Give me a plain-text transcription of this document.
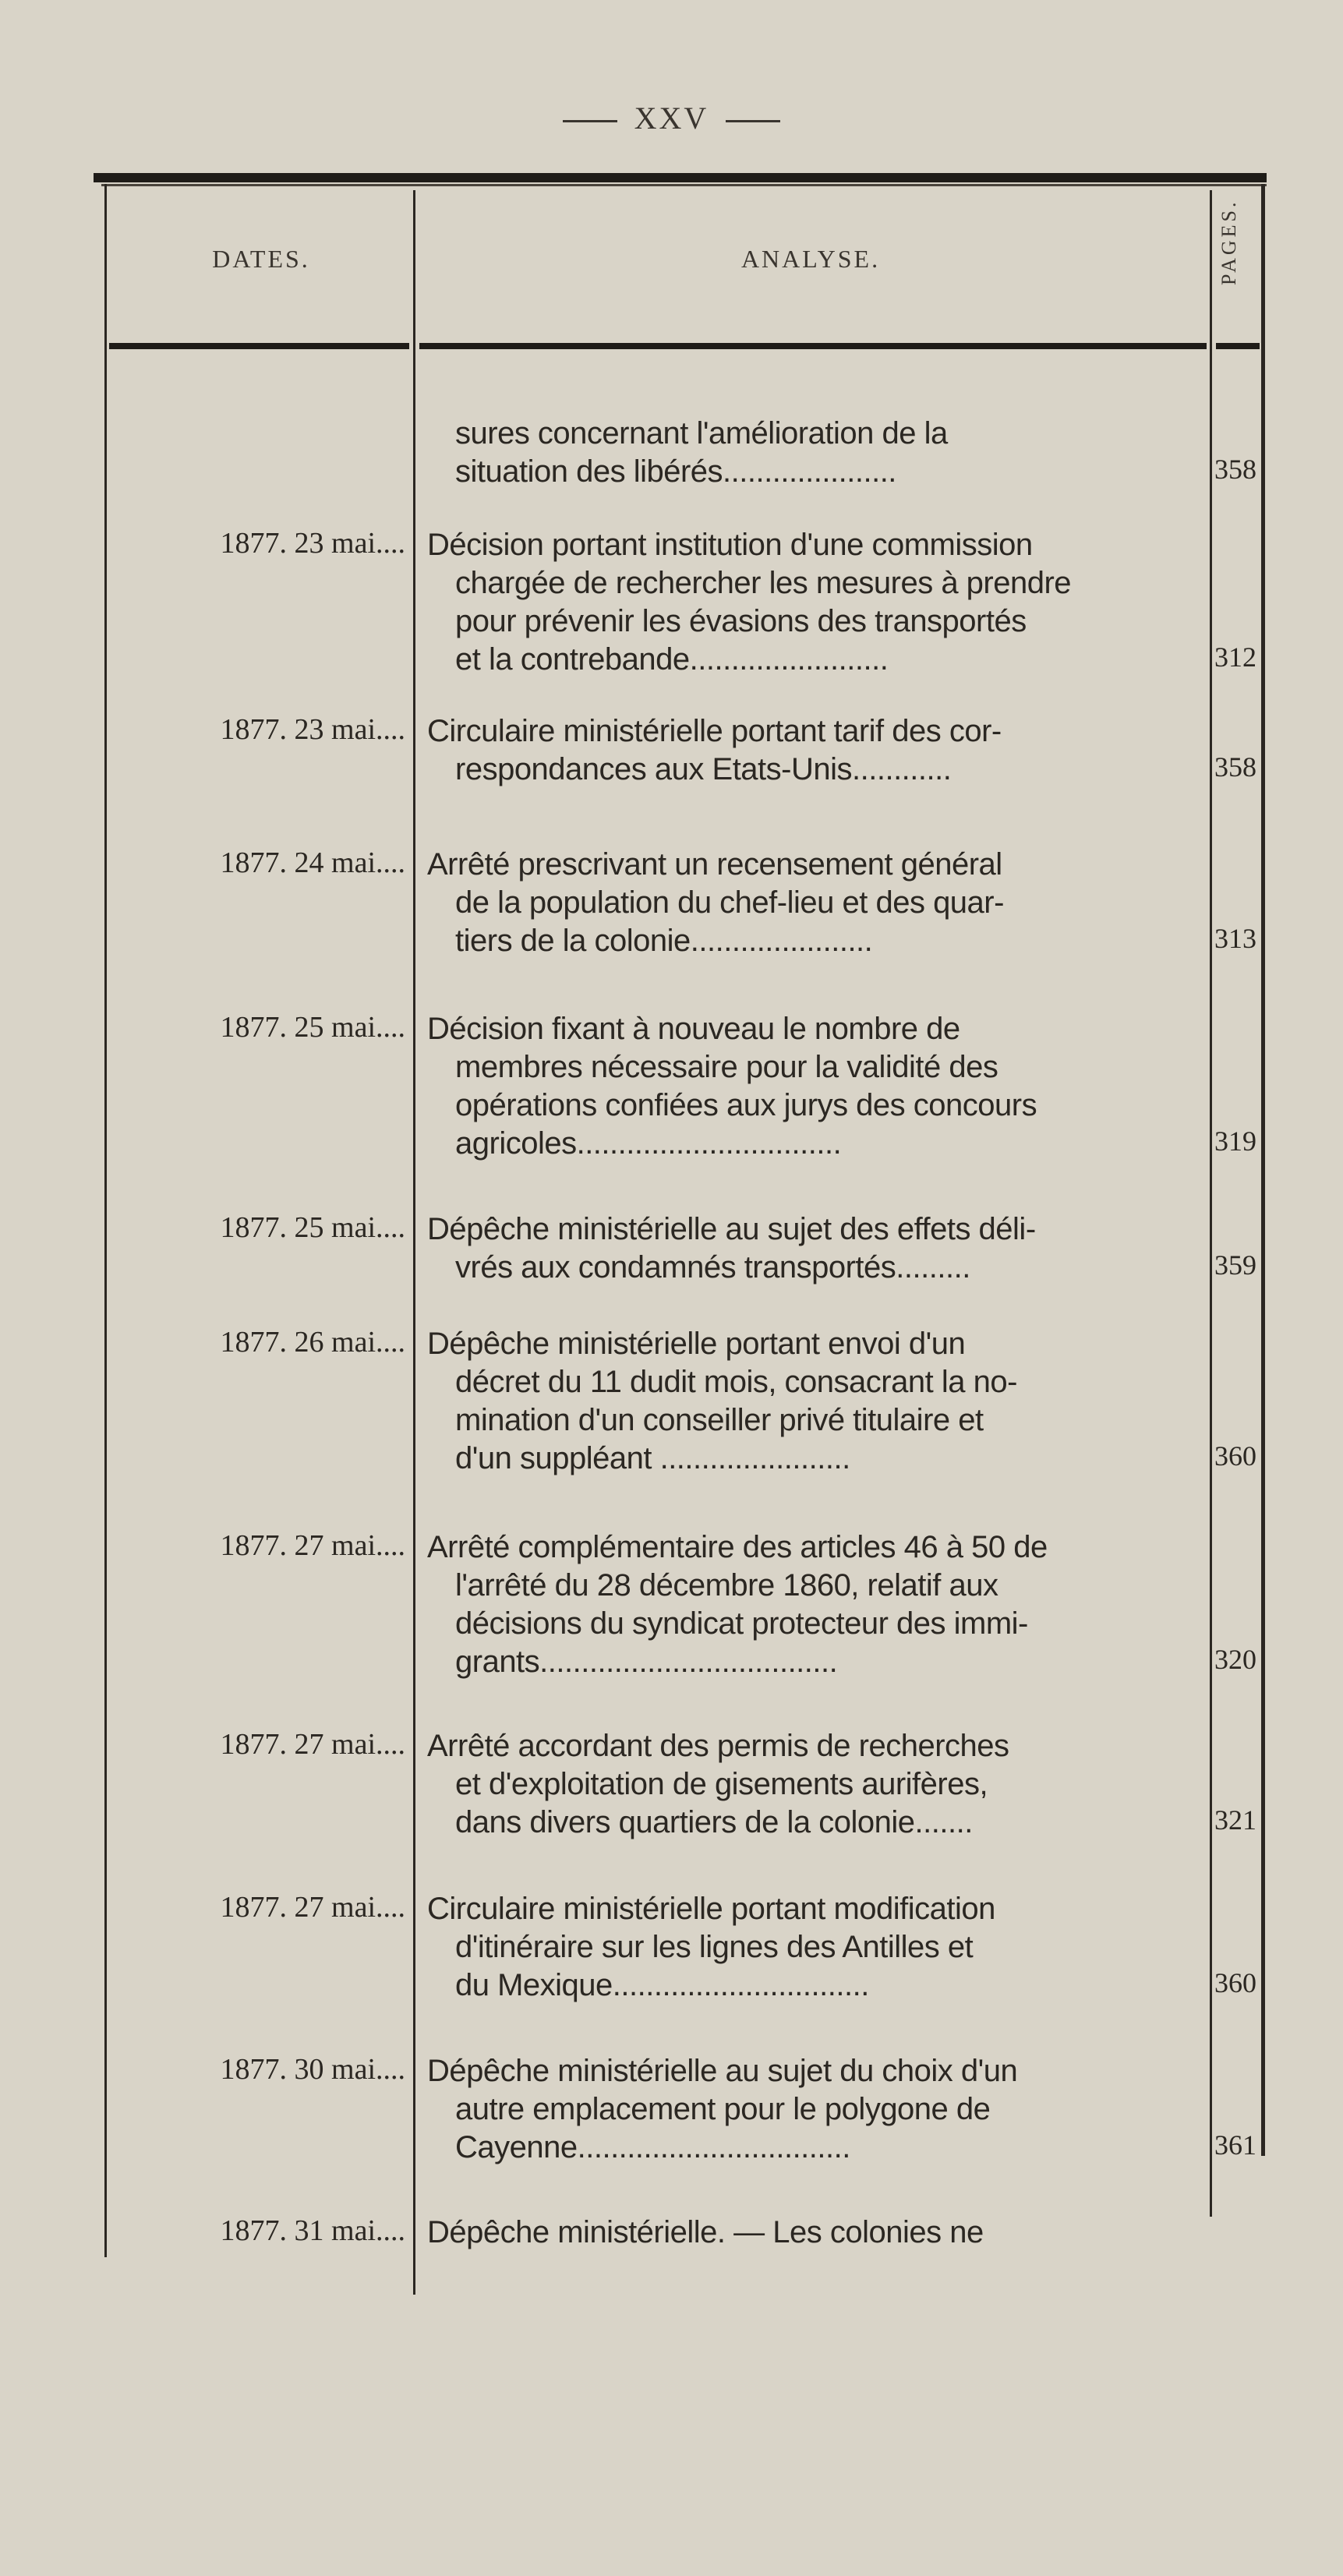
XXV
DATES.	ANALYSE.	PAGES.
sures concernant l'amélioration de la
situation des libérés.....................	358
1877. 23 mai.... Décision portant institution d'une commission
chargée de rechercher les mesures à prendre
pour prévenir les évasions des transportés
et la contrebande........................	312
1877. 23 mai.... Circulaire ministérielle portant tarif des cor-
respondances aux Etats-Unis............	358
1877. 24 mai.... Arrêté prescrivant un recensement général
de la population du chef-lieu et des quar-
tiers de la colonie......................	313
1877. 25 mai.... Décision fixant à nouveau le nombre de
membres nécessaire pour la validité des
opérations confiées aux jurys des concours
agricoles................................	319
1877. 25 mai.... Dépêche ministérielle au sujet des effets déli-
vrés aux condamnés transportés.........	359
1877. 26 mai.... Dépêche ministérielle portant envoi d'un
décret du 11 dudit mois, consacrant la no-
mination d'un conseiller privé titulaire et
d'un suppléant .......................	360
1877. 27 mai.... Arrêté complémentaire des articles 46 à 50 de
l'arrêté du 28 décembre 1860, relatif aux
décisions du syndicat protecteur des immi-
grants....................................	320
1877. 27 mai.... Arrêté accordant des permis de recherches
et d'exploitation de gisements aurifères,
dans divers quartiers de la colonie.......	321
1877. 27 mai.... Circulaire ministérielle portant modification
d'itinéraire sur les lignes des Antilles et
du Mexique...............................	360
1877. 30 mai.... Dépêche ministérielle au sujet du choix d'un
autre emplacement pour le polygone de
Cayenne.................................	361
1877. 31 mai.... Dépêche ministérielle. — Les colonies ne
